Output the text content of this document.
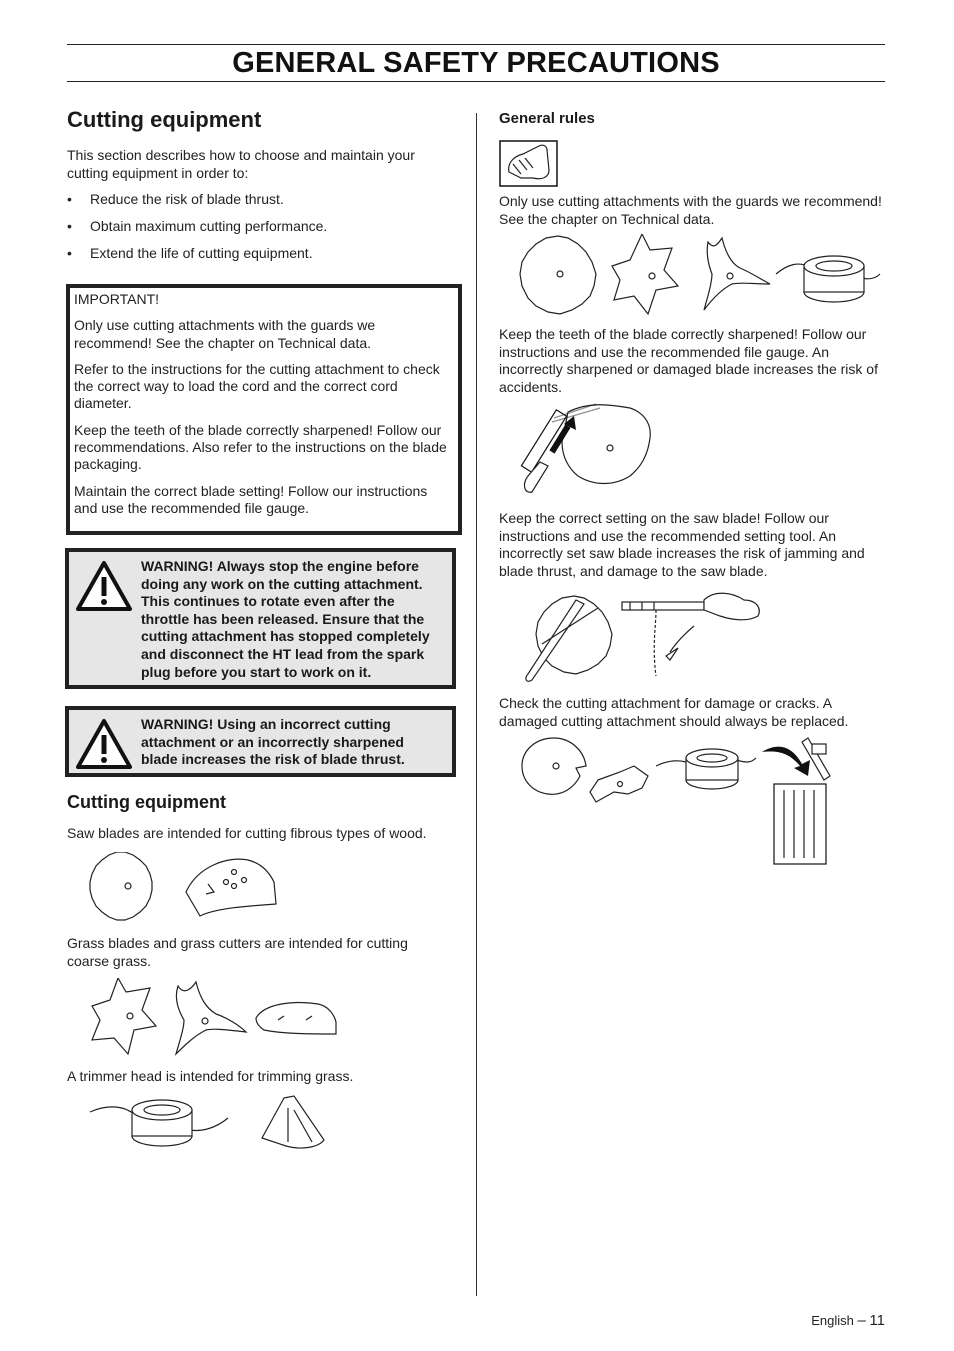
GENERAL SAFETY PRECAUTIONS
Cutting equipment

This section describes how to choose and maintain your cutting equipment in order to:

• Reduce the risk of blade thrust.
• Obtain maximum cutting performance.
• Extend the life of cutting equipment.

IMPORTANT!

Only use cutting attachments with the guards we recommend! See the chapter on Technical data.

Refer to the instructions for the cutting attachment to check the correct way to load the cord and the correct cord diameter.

Keep the teeth of the blade correctly sharpened! Follow our recommendations. Also refer to the instructions on the blade packaging.

Maintain the correct blade setting! Follow our instructions and use the recommended file gauge.

WARNING! Always stop the engine before doing any work on the cutting attachment. This continues to rotate even after the throttle has been released. Ensure that the cutting attachment has stopped completely and disconnect the HT lead from the spark plug before you start to work on it.
WARNING! Using an incorrect cutting attachment or an incorrectly sharpened blade increases the risk of blade thrust.
Cutting equipment

Saw blades are intended for cutting fibrous types of wood.

Grass blades and grass cutters are intended for cutting coarse grass.

A trimmer head is intended for trimming grass.

General rules

Only use cutting attachments with the guards we recommend! See the chapter on Technical data.

Keep the teeth of the blade correctly sharpened! Follow our instructions and use the recommended file gauge. An incorrectly sharpened or damaged blade increases the risk of accidents.

Keep the correct setting on the saw blade! Follow our instructions and use the recommended setting tool. An incorrectly set saw blade increases the risk of jamming and blade thrust, and damage to the saw blade.

Check the cutting attachment for damage or cracks. A damaged cutting attachment should always be replaced.

English – 11
